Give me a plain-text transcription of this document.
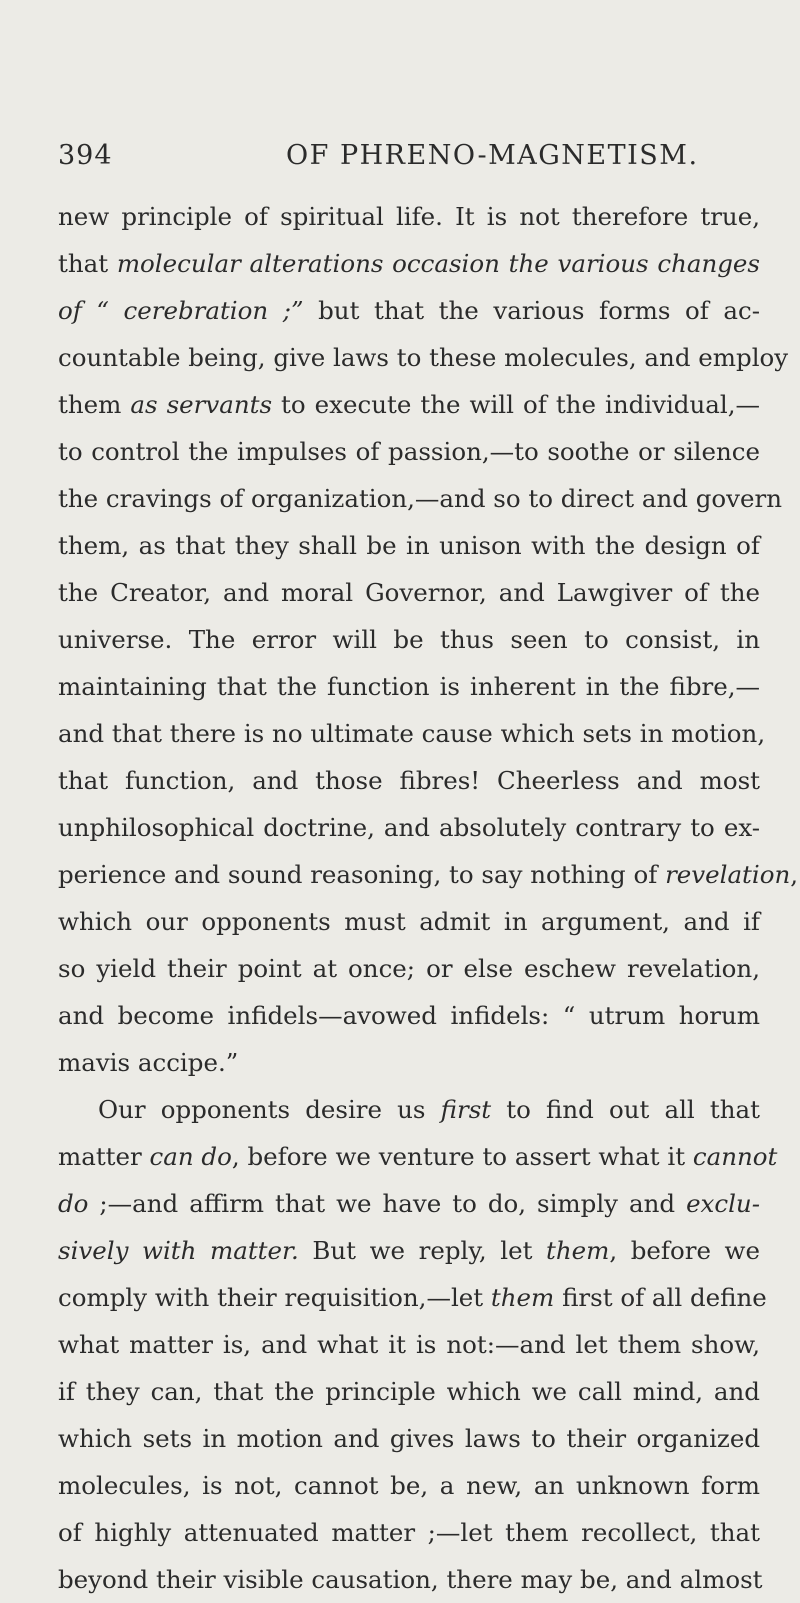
394	OF PHRENO-MAGNETISM.
new principle of spiritual life. It is not therefore true,
that molecular alterations occasion the various changes
of “ cerebration ;” but that the various forms of ac-
countable being, give laws to these molecules, and employ
them as servants to execute the will of the individual,—
to control the impulses of passion,—to soothe or silence
the cravings of organization,—and so to direct and govern
them, as that they shall be in unison with the design of
the Creator, and moral Governor, and Lawgiver of the
universe. The error will be thus seen to consist, in
maintaining that the function is inherent in the fibre,—
and that there is no ultimate cause which sets in motion,
that function, and those fibres! Cheerless and most
unphilosophical doctrine, and absolutely contrary to ex-
perience and sound reasoning, to say nothing of revelation,
which our opponents must admit in argument, and if
so yield their point at once; or else eschew revelation,
and become infidels—avowed infidels: “ utrum horum
mavis accipe.”
Our opponents desire us first to find out all that
matter can do, before we venture to assert what it cannot
do ;—and affirm that we have to do, simply and exclu-
sively with matter. But we reply, let them, before we
comply with their requisition,—let them first of all define
what matter is, and what it is not:—and let them show,
if they can, that the principle which we call mind, and
which sets in motion and gives laws to their organized
molecules, is not, cannot be, a new, an unknown form
of highly attenuated matter ;—let them recollect, that
beyond their visible causation, there may be, and almost
